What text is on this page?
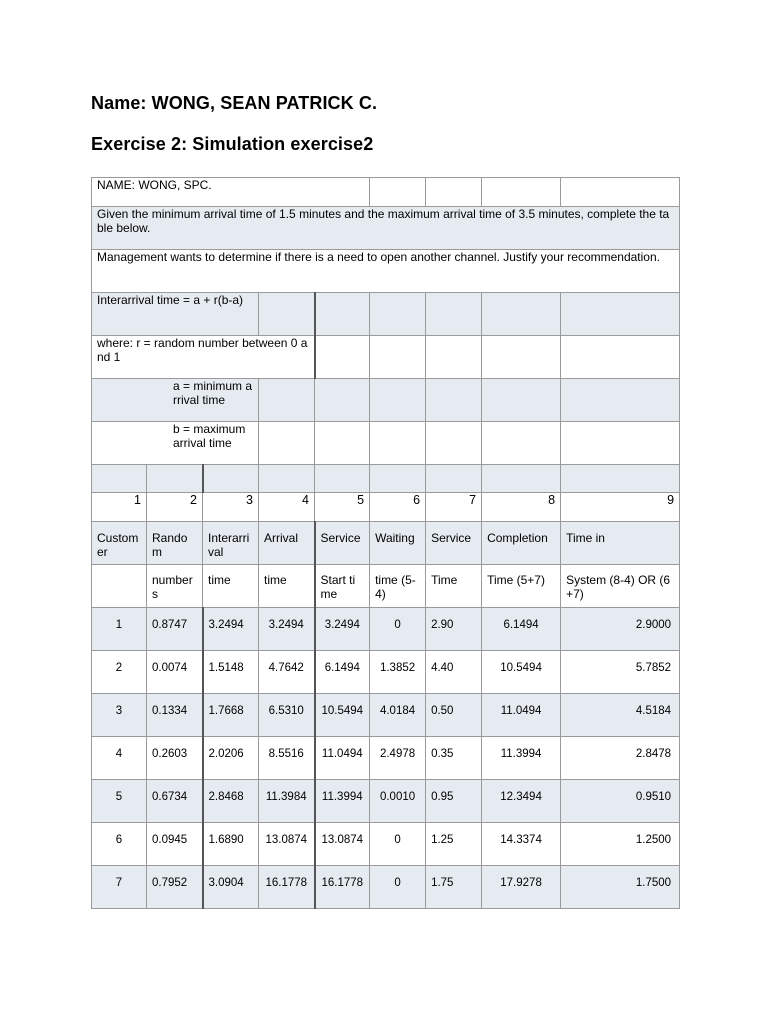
Name: WONG, SEAN PATRICK C.
Exercise 2: Simulation exercise2
NAME: WONG, SPC.								
Given the minimum arrival time of 1.5 minutes and the maximum arrival time of 3.5 minutes, complete the table below.								
Management wants to determine if there is a need to open another channel. Justify your recommendation.								
Interarrival time = a + r(b-a)								
where: r = random number between 0 and 1								
a = minimum arrival time								
b = maximum arrival time								

1	2	3	4	5	6	7	8	9
Customer	Random	Interarrival	Arrival	Service	Waiting	Service	Completion	Time in
	numbers	time	time	Start time	time (5-4)	Time	Time (5+7)	System (8-4) OR (6+7)
1	0.8747	3.2494	3.2494	3.2494	0	2.90	6.1494	2.9000
2	0.0074	1.5148	4.7642	6.1494	1.3852	4.40	10.5494	5.7852
3	0.1334	1.7668	6.5310	10.5494	4.0184	0.50	11.0494	4.5184
4	0.2603	2.0206	8.5516	11.0494	2.4978	0.35	11.3994	2.8478
5	0.6734	2.8468	11.3984	11.3994	0.0010	0.95	12.3494	0.9510
6	0.0945	1.6890	13.0874	13.0874	0	1.25	14.3374	1.2500
7	0.7952	3.0904	16.1778	16.1778	0	1.75	17.9278	1.7500
